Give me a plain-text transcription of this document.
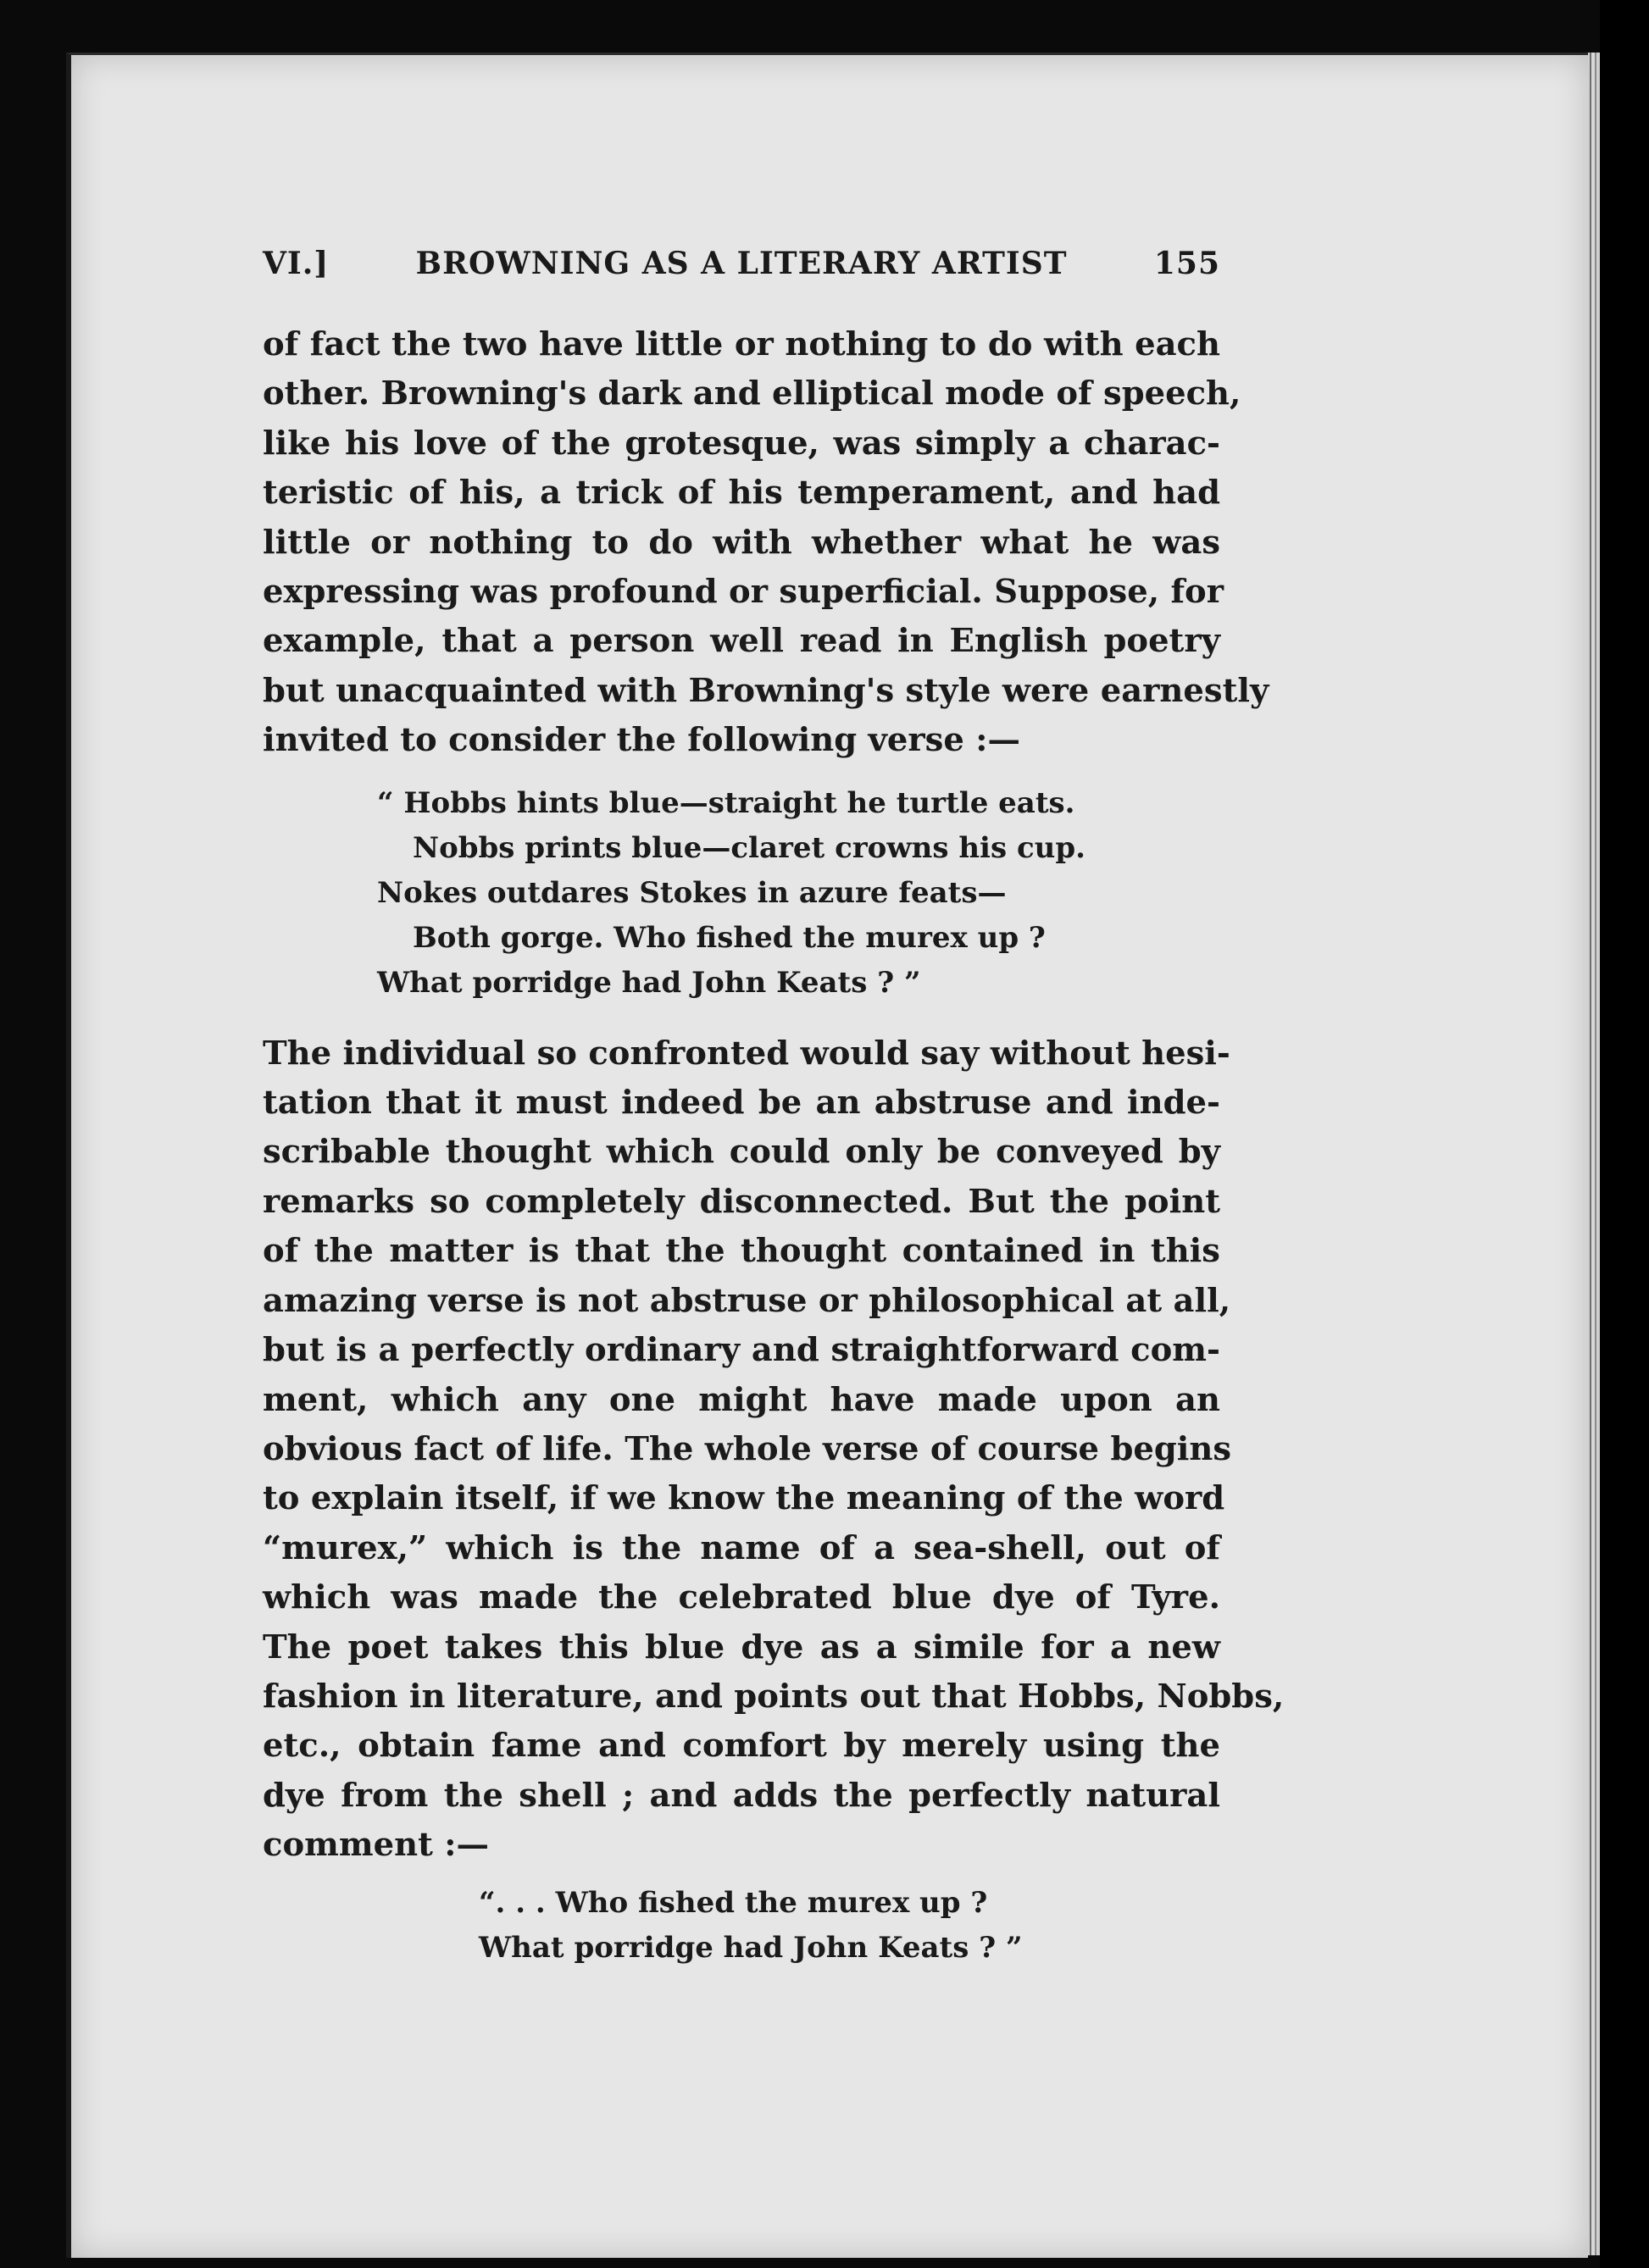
VI.]	BROWNING AS A LITERARY ARTIST	155

of fact the two have little or nothing to do with each
other. Browning's dark and elliptical mode of speech,
like his love of the grotesque, was simply a charac-
teristic of his, a trick of his temperament, and had
little or nothing to do with whether what he was
expressing was profound or superficial. Suppose, for
example, that a person well read in English poetry
but unacquainted with Browning's style were earnestly
invited to consider the following verse :—

“ Hobbs hints blue—straight he turtle eats.
Nobbs prints blue—claret crowns his cup.
Nokes outdares Stokes in azure feats—
Both gorge. Who fished the murex up ?
What porridge had John Keats ? ”

The individual so confronted would say without hesi-
tation that it must indeed be an abstruse and inde-
scribable thought which could only be conveyed by
remarks so completely disconnected. But the point
of the matter is that the thought contained in this
amazing verse is not abstruse or philosophical at all,
but is a perfectly ordinary and straightforward com-
ment, which any one might have made upon an
obvious fact of life. The whole verse of course begins
to explain itself, if we know the meaning of the word
“murex,” which is the name of a sea-shell, out of
which was made the celebrated blue dye of Tyre.
The poet takes this blue dye as a simile for a new
fashion in literature, and points out that Hobbs, Nobbs,
etc., obtain fame and comfort by merely using the
dye from the shell ; and adds the perfectly natural
comment :—

“. . . Who fished the murex up ?
What porridge had John Keats ? ”
